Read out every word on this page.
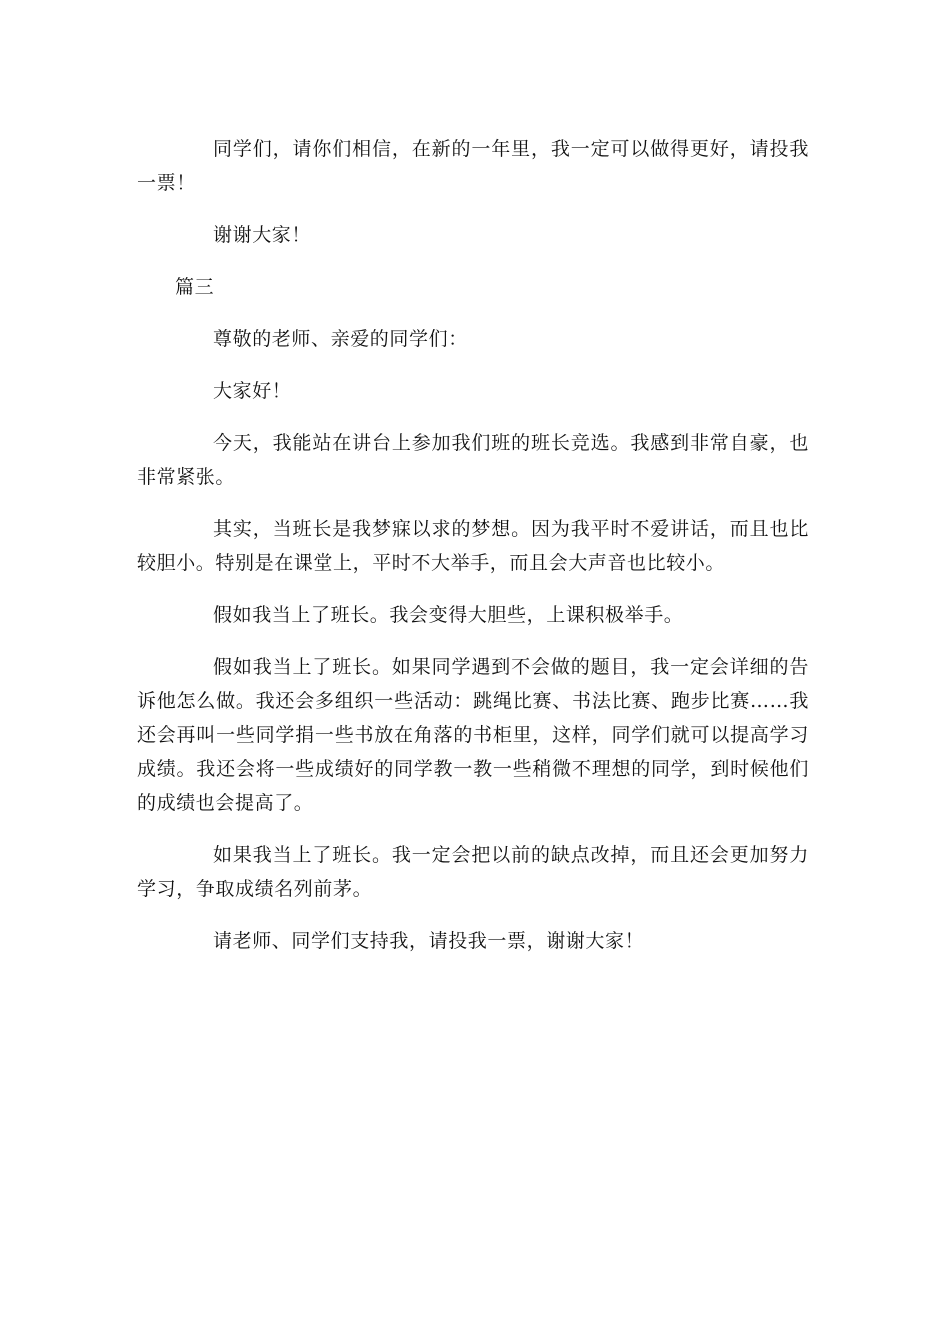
同学们，请你们相信，在新的一年里，我一定可以做得更好，请投我一票！

谢谢大家！

篇三

尊敬的老师、亲爱的同学们：

大家好！

今天，我能站在讲台上参加我们班的班长竞选。我感到非常自豪，也非常紧张。

其实，当班长是我梦寐以求的梦想。因为我平时不爱讲话，而且也比较胆小。特别是在课堂上，平时不大举手，而且会大声音也比较小。

假如我当上了班长。我会变得大胆些，上课积极举手。

假如我当上了班长。如果同学遇到不会做的题目，我一定会详细的告诉他怎么做。我还会多组织一些活动：跳绳比赛、书法比赛、跑步比赛……我还会再叫一些同学捐一些书放在角落的书柜里，这样，同学们就可以提高学习成绩。我还会将一些成绩好的同学教一教一些稍微不理想的同学，到时候他们的成绩也会提高了。

如果我当上了班长。我一定会把以前的缺点改掉，而且还会更加努力学习，争取成绩名列前茅。

请老师、同学们支持我，请投我一票，谢谢大家！
